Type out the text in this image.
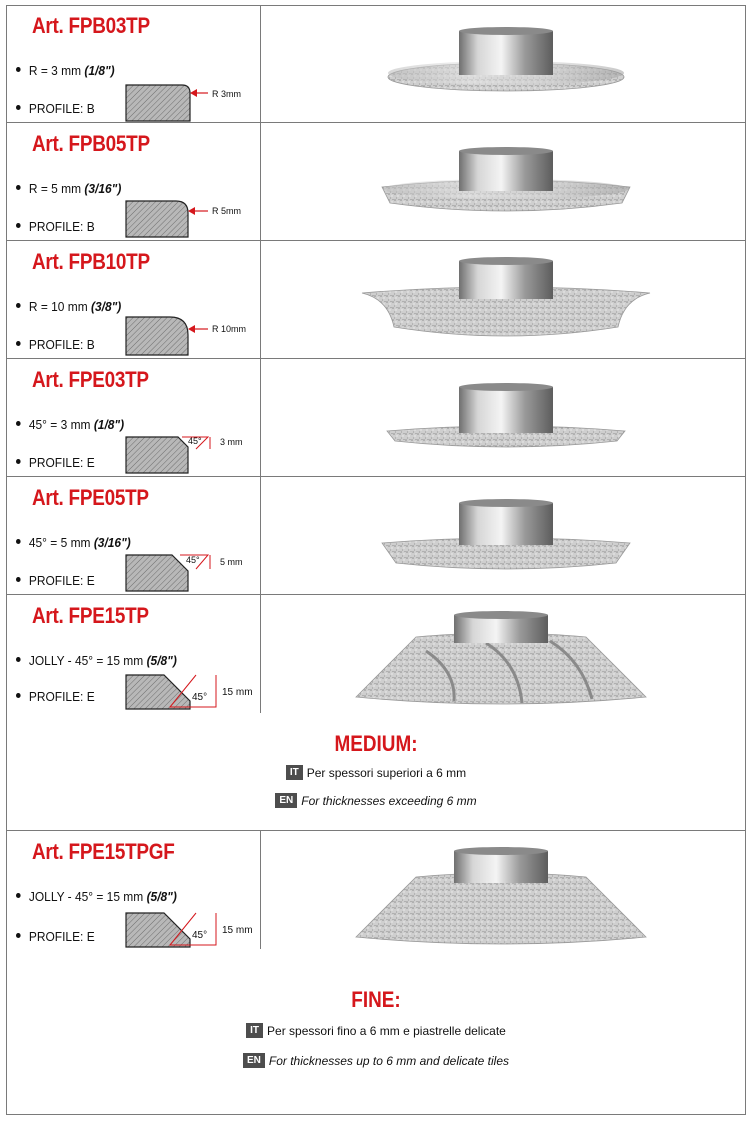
Art. FPB03TP
R = 3 mm (1/8")
PROFILE: B
R 3mm
Art. FPB05TP
R = 5 mm (3/16")
PROFILE: B
R 5mm
Art. FPB10TP
R = 10 mm (3/8")
PROFILE: B
R 10mm
Art. FPE03TP
45° = 3 mm (1/8")
PROFILE: E
45° 3 mm
Art. FPE05TP
45° = 5 mm (3/16")
PROFILE: E
45° 5 mm
Art. FPE15TP
JOLLY - 45° = 15 mm (5/8")
PROFILE: E	45° 15 mm
MEDIUM:
IT Per spessori superiori a 6 mm
EN For thicknesses exceeding 6 mm
Art. FPE15TPGF
JOLLY - 45° = 15 mm (5/8")
PROFILE: E	45° 15 mm
FINE:
IT Per spessori fino a 6 mm e piastrelle delicate
EN For thicknesses up to 6 mm and delicate tiles
